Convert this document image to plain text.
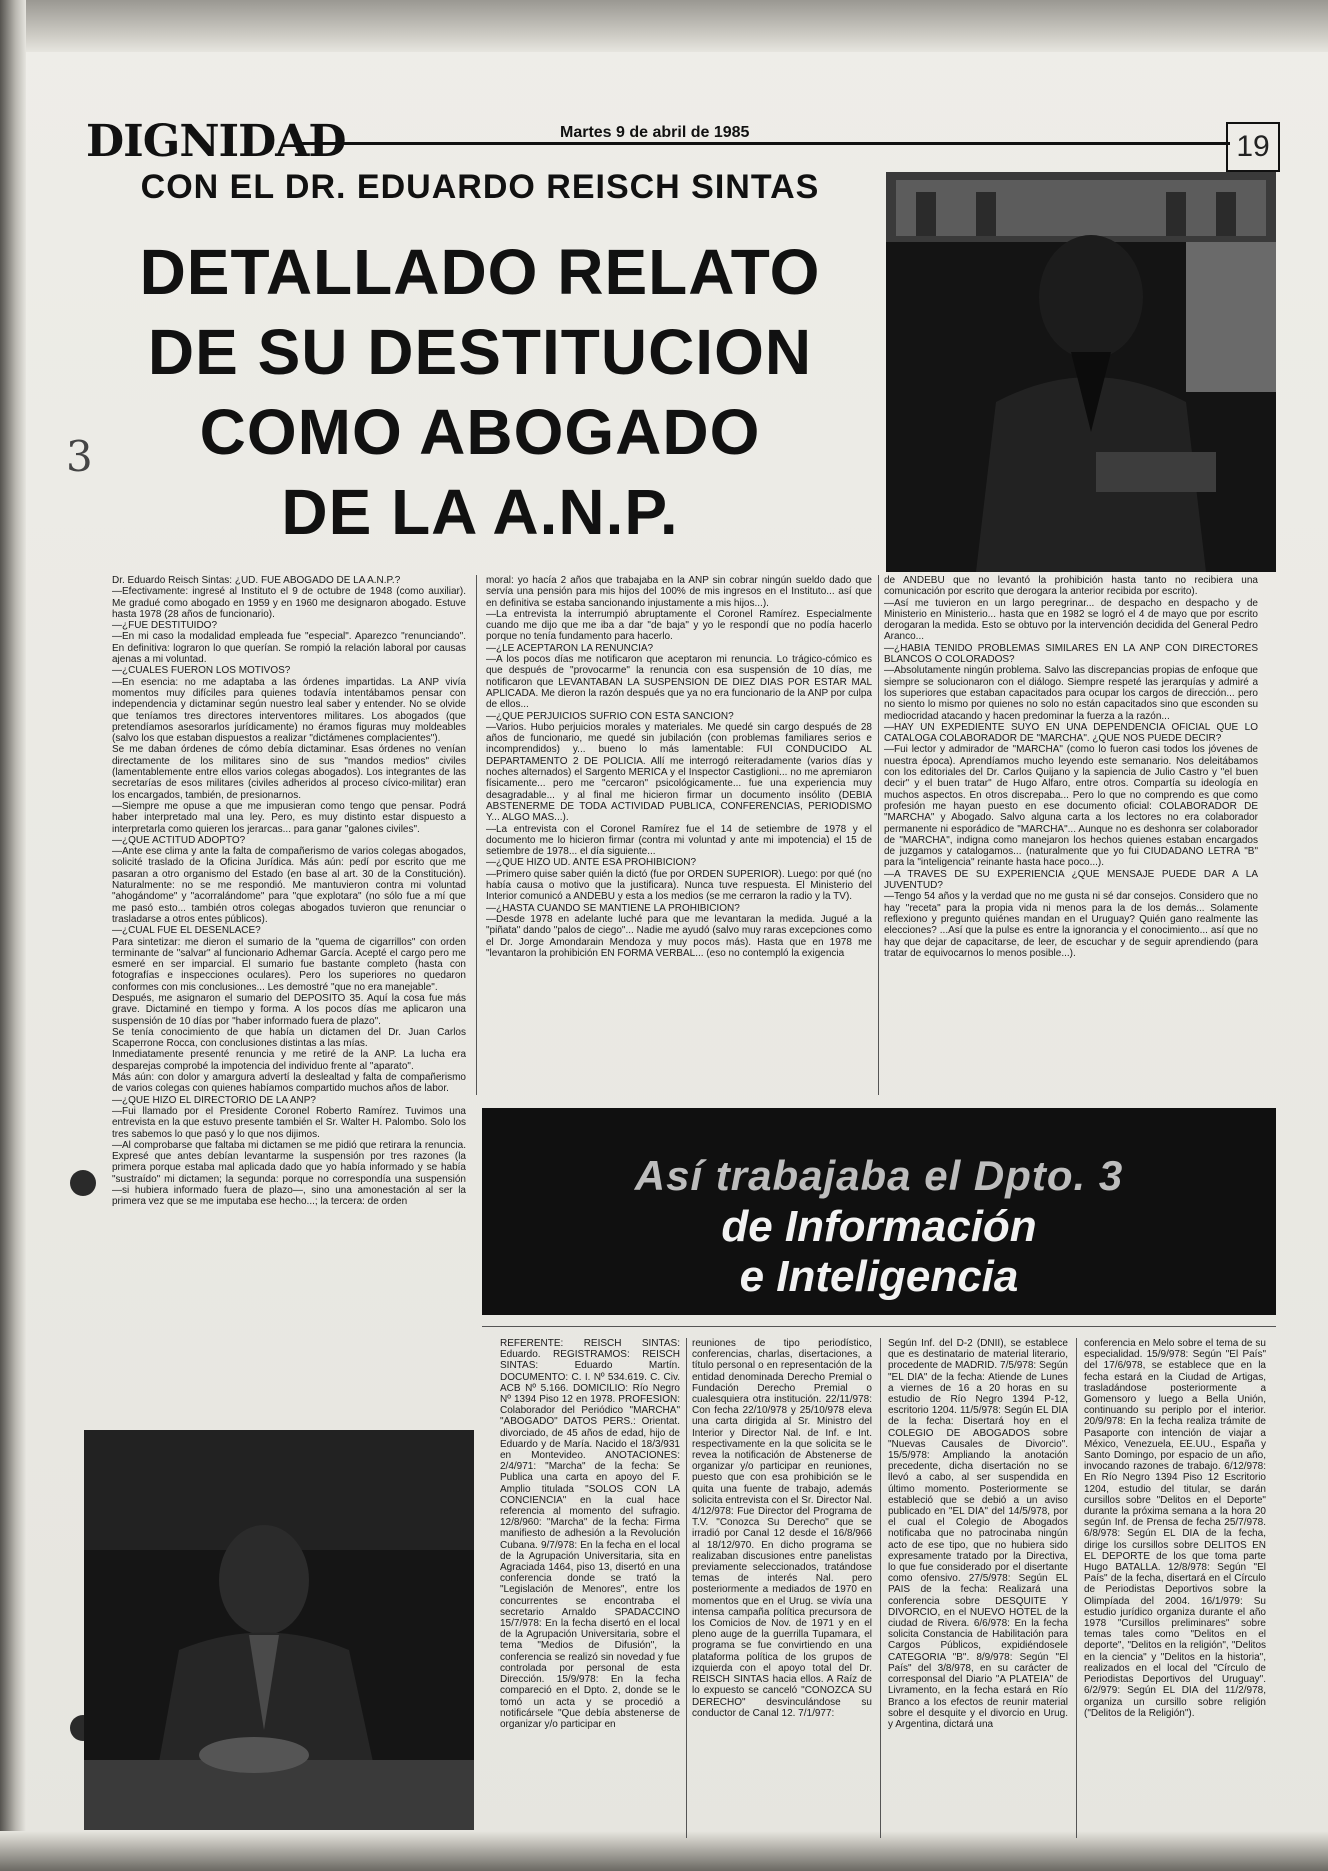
DIGNIDAD	Martes 9 de abril de 1985	19
CON EL DR. EDUARDO REISCH SINTAS
DETALLADO RELATO
DE SU DESTITUCION
COMO ABOGADO
DE LA A.N.P.
3

Dr. Eduardo Reisch Sintas: ¿UD. FUE ABOGADO DE LA A.N.P.?

—Efectivamente: ingresé al Instituto el 9 de octubre de 1948 (como auxiliar). Me gradué como abogado en 1959 y en 1960 me designaron abogado. Estuve hasta 1978 (28 años de funcionario).

—¿FUE DESTITUIDO?

—En mi caso la modalidad empleada fue "especial". Aparezco "renunciando". En definitiva: lograron lo que querían. Se rompió la relación laboral por causas ajenas a mi voluntad.

—¿CUALES FUERON LOS MOTIVOS?

—En esencia: no me adaptaba a las órdenes impartidas. La ANP vivía momentos muy difíciles para quienes todavía intentábamos pensar con independencia y dictaminar según nuestro leal saber y entender. No se olvide que teníamos tres directores interventores militares. Los abogados (que pretendíamos asesorarlos jurídicamente) no éramos figuras muy moldeables (salvo los que estaban dispuestos a realizar "dictámenes complacientes").

Se me daban órdenes de cómo debía dictaminar. Esas órdenes no venían directamente de los militares sino de sus "mandos medios" civiles (lamentablemente entre ellos varios colegas abogados). Los integrantes de las secretarías de esos militares (civiles adheridos al proceso cívico-militar) eran los encargados, también, de presionarnos.

—Siempre me opuse a que me impusieran como tengo que pensar. Podrá haber interpretado mal una ley. Pero, es muy distinto estar dispuesto a interpretarla como quieren los jerarcas... para ganar "galones civiles".

—¿QUE ACTITUD ADOPTO?

—Ante ese clima y ante la falta de compañerismo de varios colegas abogados, solicité traslado de la Oficina Jurídica. Más aún: pedí por escrito que me pasaran a otro organismo del Estado (en base al art. 30 de la Constitución). Naturalmente: no se me respondió. Me mantuvieron contra mi voluntad "ahogándome" y "acorralándome" para "que explotara" (no sólo fue a mí que me pasó esto... también otros colegas abogados tuvieron que renunciar o trasladarse a otros entes públicos).

—¿CUAL FUE EL DESENLACE?

Para sintetizar: me dieron el sumario de la "quema de cigarrillos" con orden terminante de "salvar" al funcionario Adhemar García. Acepté el cargo pero me esmeré en ser imparcial. El sumario fue bastante completo (hasta con fotografías e inspecciones oculares). Pero los superiores no quedaron conformes con mis conclusiones... Les demostré "que no era manejable".

Después, me asignaron el sumario del DEPOSITO 35. Aquí la cosa fue más grave. Dictaminé en tiempo y forma. A los pocos días me aplicaron una suspensión de 10 días por "haber informado fuera de plazo".

Se tenía conocimiento de que había un dictamen del Dr. Juan Carlos Scaperrone Rocca, con conclusiones distintas a las mías.

Inmediatamente presenté renuncia y me retiré de la ANP. La lucha era desparejas comprobé la impotencia del individuo frente al "aparato".

Más aún: con dolor y amargura advertí la deslealtad y falta de compañerismo de varios colegas con quienes habíamos compartido muchos años de labor.

—¿QUE HIZO EL DIRECTORIO DE LA ANP?

—Fui llamado por el Presidente Coronel Roberto Ramírez. Tuvimos una entrevista en la que estuvo presente también el Sr. Walter H. Palombo. Solo los tres sabemos lo que pasó y lo que nos dijimos.

—Al comprobarse que faltaba mi dictamen se me pidió que retirara la renuncia. Expresé que antes debían levantarme la suspensión por tres razones (la primera porque estaba mal aplicada dado que yo había informado y se había "sustraído" mi dictamen; la segunda: porque no correspondía una suspensión —si hubiera informado fuera de plazo—, sino una amonestación al ser la primera vez que se me imputaba ese hecho...; la tercera: de orden

moral: yo hacía 2 años que trabajaba en la ANP sin cobrar ningún sueldo dado que servía una pensión para mis hijos del 100% de mis ingresos en el Instituto... así que en definitiva se estaba sancionando injustamente a mis hijos...).

—La entrevista la interrumpió abruptamente el Coronel Ramírez. Especialmente cuando me dijo que me iba a dar "de baja" y yo le respondí que no podía hacerlo porque no tenía fundamento para hacerlo.

—¿LE ACEPTARON LA RENUNCIA?

—A los pocos días me notificaron que aceptaron mi renuncia. Lo trágico-cómico es que después de "provocarme" la renuncia con esa suspensión de 10 días, me notificaron que LEVANTABAN LA SUSPENSION DE DIEZ DIAS POR ESTAR MAL APLICADA. Me dieron la razón después que ya no era funcionario de la ANP por culpa de ellos...

—¿QUE PERJUICIOS SUFRIO CON ESTA SANCION?

—Varios. Hubo perjuicios morales y materiales. Me quedé sin cargo después de 28 años de funcionario, me quedé sin jubilación (con problemas familiares serios e incomprendidos) y... bueno lo más lamentable: FUI CONDUCIDO AL DEPARTAMENTO 2 DE POLICIA. Allí me interrogó reiteradamente (varios días y noches alternados) el Sargento MERICA y el Inspector Castiglioni... no me apremiaron físicamente... pero me "cercaron" psicológicamente... fue una experiencia muy desagradable... y al final me hicieron firmar un documento insólito (DEBIA ABSTENERME DE TODA ACTIVIDAD PUBLICA, CONFERENCIAS, PERIODISMO Y... ALGO MAS...).

—La entrevista con el Coronel Ramírez fue el 14 de setiembre de 1978 y el documento me lo hicieron firmar (contra mi voluntad y ante mi impotencia) el 15 de setiembre de 1978... el día siguiente...

—¿QUE HIZO UD. ANTE ESA PROHIBICION?

—Primero quise saber quién la dictó (fue por ORDEN SUPERIOR). Luego: por qué (no había causa o motivo que la justificara). Nunca tuve respuesta. El Ministerio del Interior comunicó a ANDEBU y esta a los medios (se me cerraron la radio y la TV).

—¿HASTA CUANDO SE MANTIENE LA PROHIBICION?

—Desde 1978 en adelante luché para que me levantaran la medida. Jugué a la "piñata" dando "palos de ciego"... Nadie me ayudó (salvo muy raras excepciones como el Dr. Jorge Amondarain Mendoza y muy pocos más). Hasta que en 1978 me "levantaron la prohibición EN FORMA VERBAL... (eso no contempló la exigencia

de ANDEBU que no levantó la prohibición hasta tanto no recibiera una comunicación por escrito que derogara la anterior recibida por escrito).

—Así me tuvieron en un largo peregrinar... de despacho en despacho y de Ministerio en Ministerio... hasta que en 1982 se logró el 4 de mayo que por escrito derogaran la medida. Esto se obtuvo por la intervención decidida del General Pedro Aranco...

—¿HABIA TENIDO PROBLEMAS SIMILARES EN LA ANP CON DIRECTORES BLANCOS O COLORADOS?

—Absolutamente ningún problema. Salvo las discrepancias propias de enfoque que siempre se solucionaron con el diálogo. Siempre respeté las jerarquías y admiré a los superiores que estaban capacitados para ocupar los cargos de dirección... pero no siento lo mismo por quienes no solo no están capacitados sino que esconden su mediocridad atacando y hacen predominar la fuerza a la razón...

—HAY UN EXPEDIENTE SUYO EN UNA DEPENDENCIA OFICIAL QUE LO CATALOGA COLABORADOR DE "MARCHA". ¿QUE NOS PUEDE DECIR?

—Fui lector y admirador de "MARCHA" (como lo fueron casi todos los jóvenes de nuestra época). Aprendíamos mucho leyendo este semanario. Nos deleitábamos con los editoriales del Dr. Carlos Quijano y la sapiencia de Julio Castro y "el buen decir" y el buen tratar" de Hugo Alfaro, entre otros. Compartía su ideología en muchos aspectos. En otros discrepaba... Pero lo que no comprendo es que como profesión me hayan puesto en ese documento oficial: COLABORADOR DE "MARCHA" y Abogado. Salvo alguna carta a los lectores no era colaborador permanente ni esporádico de "MARCHA"... Aunque no es deshonra ser colaborador de "MARCHA", indigna como manejaron los hechos quienes estaban encargados de juzgamos y catalogamos... (naturalmente que yo fui CIUDADANO LETRA "B" para la "inteligencia" reinante hasta hace poco...).

—A TRAVES DE SU EXPERIENCIA ¿QUE MENSAJE PUEDE DAR A LA JUVENTUD?

—Tengo 54 años y la verdad que no me gusta ni sé dar consejos. Considero que no hay "receta" para la propia vida ni menos para la de los demás... Solamente reflexiono y pregunto quiénes mandan en el Uruguay? Quién gano realmente las elecciones? ...Así que la pulse es entre la ignorancia y el conocimiento... así que no hay que dejar de capacitarse, de leer, de escuchar y de seguir aprendiendo (para tratar de equivocarnos lo menos posible...).

Así trabajaba el Dpto. 3
de Información
e Inteligencia
REFERENTE: REISCH SINTAS: Eduardo. REGISTRAMOS: REISCH SINTAS: Eduardo Martín. DOCUMENTO: C. I. Nº 534.619. C. Civ. ACB Nº 5.166. DOMICILIO: Río Negro Nº 1394 Piso 12 en 1978. PROFESION: Colaborador del Periódico "MARCHA" "ABOGADO" DATOS PERS.: Orientat. divorciado, de 45 años de edad, hijo de Eduardo y de María. Nacido el 18/3/931 en Montevideo. ANOTACIONES: 2/4/971: "Marcha" de la fecha: Se Publica una carta en apoyo del F. Amplio titulada "SOLOS CON LA CONCIENCIA" en la cual hace referencia al momento del sufragio. 12/8/960: "Marcha" de la fecha: Firma manifiesto de adhesión a la Revolución Cubana. 9/7/978: En la fecha en el local de la Agrupación Universitaria, sita en Agraciada 1464, piso 13, disertó en una conferencia donde se trató la "Legislación de Menores", entre los concurrentes se encontraba el secretario Arnaldo SPADACCINO 15/7/978: En la fecha disertó en el local de la Agrupación Universitaria, sobre el tema "Medios de Difusión", la conferencia se realizó sin novedad y fue controlada por personal de esta Dirección. 15/9/978: En la fecha compareció en el Dpto. 2, donde se le tomó un acta y se procedió a notificársele "Que debía abstenerse de organizar y/o participar en
reuniones de tipo periodístico, conferencias, charlas, disertaciones, a título personal o en representación de la entidad denominada Derecho Premial o Fundación Derecho Premial o cualesquiera otra institución. 22/11/978: Con fecha 22/10/978 y 25/10/978 eleva una carta dirigida al Sr. Ministro del Interior y Director Nal. de Inf. e Int. respectivamente en la que solicita se le revea la notificación de Abstenerse de organizar y/o participar en reuniones, puesto que con esa prohibición se le quita una fuente de trabajo, además solicita entrevista con el Sr. Director Nal. 4/12/978: Fue Director del Programa de T.V. "Conozca Su Derecho" que se irradió por Canal 12 desde el 16/8/966 al 18/12/970. En dicho programa se realizaban discusiones entre panelistas previamente seleccionados, tratándose temas de interés Nal. pero posteriormente a mediados de 1970 en momentos que en el Urug. se vivía una intensa campaña política precursora de los Comicios de Nov. de 1971 y en el pleno auge de la guerrilla Tupamara, el programa se fue convirtiendo en una plataforma política de los grupos de izquierda con el apoyo total del Dr. REISCH SINTAS hacia ellos. A Raíz de lo expuesto se canceló "CONOZCA SU DERECHO" desvinculándose su conductor de Canal 12. 7/1/977:
Según Inf. del D-2 (DNII), se establece que es destinatario de material literario, procedente de MADRID. 7/5/978: Según "EL DIA" de la fecha: Atiende de Lunes a viernes de 16 a 20 horas en su estudio de Río Negro 1394 P-12, escritorio 1204. 11/5/978: Según EL DIA de la fecha: Disertará hoy en el COLEGIO DE ABOGADOS sobre "Nuevas Causales de Divorcio". 15/5/978: Ampliando la anotación precedente, dicha disertación no se llevó a cabo, al ser suspendida en último momento. Posteriormente se estableció que se debió a un aviso publicado en "EL DIA" del 14/5/978, por el cual el Colegio de Abogados notificaba que no patrocinaba ningún acto de ese tipo, que no hubiera sido expresamente tratado por la Directiva, lo que fue considerado por el disertante como ofensivo. 27/5/978: Según EL PAIS de la fecha: Realizará una conferencia sobre DESQUITE Y DIVORCIO, en el NUEVO HOTEL de la ciudad de Rivera. 6/6/978: En la fecha solicita Constancia de Habilitación para Cargos Públicos, expidiéndosele CATEGORIA "B". 8/9/978: Según "El País" del 3/8/978, en su carácter de corresponsal del Diario "A PLATEIA" de Livramento, en la fecha estará en Río Branco a los efectos de reunir material sobre el desquite y el divorcio en Urug. y Argentina, dictará una
conferencia en Melo sobre el tema de su especialidad. 15/9/978: Según "El País" del 17/6/978, se establece que en la fecha estará en la Ciudad de Artigas, trasladándose posteriormente a Gomensoro y luego a Bella Unión, continuando su periplo por el interior. 20/9/978: En la fecha realiza trámite de Pasaporte con intención de viajar a México, Venezuela, EE.UU., España y Santo Domingo, por espacio de un año, invocando razones de trabajo. 6/12/978: En Río Negro 1394 Piso 12 Escritorio 1204, estudio del titular, se darán cursillos sobre "Delitos en el Deporte" durante la próxima semana a la hora 20 según Inf. de Prensa de fecha 25/7/978. 6/8/978: Según EL DIA de la fecha, dirige los cursillos sobre DELITOS EN EL DEPORTE de los que toma parte Hugo BATALLA. 12/8/978: Según "El País" de la fecha, disertará en el Círculo de Periodistas Deportivos sobre la Olimpíada del 2004. 16/1/979: Su estudio jurídico organiza durante el año 1978 "Cursillos preliminares" sobre temas tales como "Delitos en el deporte", "Delitos en la religión", "Delitos en la ciencia" y "Delitos en la historia", realizados en el local del "Círculo de Periodistas Deportivos del Uruguay". 6/2/979: Según EL DIA del 11/2/978, organiza un cursillo sobre religión ("Delitos de la Religión").
